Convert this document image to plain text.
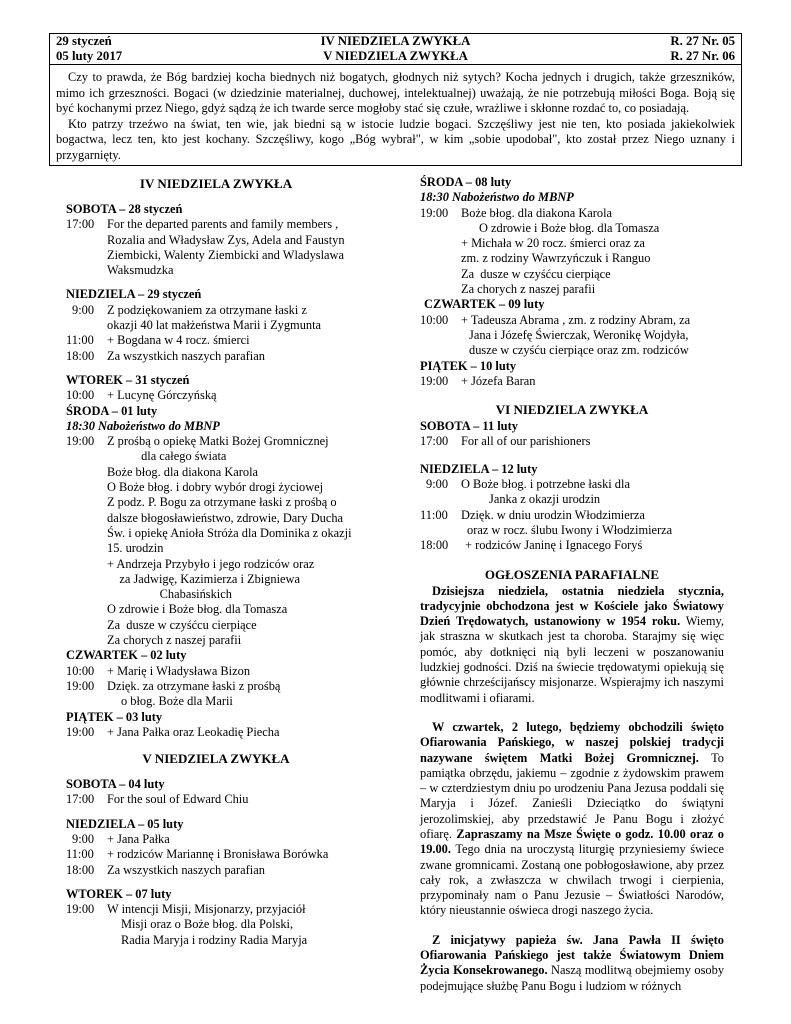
29 styczeń	IV NIEDZIELA ZWYKŁA	R. 27 Nr. 05
05 luty 2017	V NIEDZIELA ZWYKŁA	R. 27 Nr. 06

Czy to prawda, że Bóg bardziej kocha biednych niż bogatych, głodnych niż sytych? Kocha jednych i drugich, także grzeszników, mimo ich grzeszności. Bogaci (w dziedzinie materialnej, duchowej, intelektualnej) uważają, że nie potrzebują miłości Boga. Boją się być kochanymi przez Niego, gdyż sądzą że ich twarde serce mogłoby stać się czułe, wrażliwe i skłonne rozdać to, co posiadają.

Kto patrzy trzeźwo na świat, ten wie, jak biedni są w istocie ludzie bogaci. Szczęśliwy jest nie ten, kto posiada jakiekolwiek bogactwa, lecz ten, kto jest kochany. Szczęśliwy, kogo „Bóg wybrał", w kim „sobie upodobał", kto został przez Niego uznany i przygarnięty.

IV NIEDZIELA ZWYKŁA

SOBOTA – 28 styczeń

17:00	For the departed parents and family members ,
Rozalia and Władysław Zys, Adela and Faustyn
Ziembicki, Walenty Ziembicki and Wladyslawa
Waksmudzka

NIEDZIELA – 29 styczeń

9:00	Z podziękowaniem za otrzymane łaski z
okazji 40 lat małżeństwa Marii i Zygmunta
11:00	+ Bogdana w 4 rocz. śmierci
18:00	Za wszystkich naszych parafian

WTOREK – 31 styczeń

10:00	+ Lucynę Górczyńską

ŚRODA – 01 luty

18:30 Nabożeństwo do MBNP

19:00	Z prośbą o opiekę Matki Bożej Gromnicznej
dla całego świata
Boże błog. dla diakona Karola
O Boże błog. i dobry wybór drogi życiowej
Z podz. P. Bogu za otrzymane łaski z prośbą o
dalsze błogosławieństwo, zdrowie, Dary Ducha
Św. i opiekę Anioła Stróża dla Dominika z okazji
15. urodzin
+ Andrzeja Przybyło i jego rodziców oraz
za Jadwigę, Kazimierza i Zbigniewa
Chabasińskich
O zdrowie i Boże błog. dla Tomasza
Za  dusze w czyśćcu cierpiące
Za chorych z naszej parafii

CZWARTEK – 02 luty

10:00	+ Marię i Władysława Bizon
19:00	Dzięk. za otrzymane łaski z prośbą
o błog. Boże dla Marii

PIĄTEK – 03 luty

19:00	+ Jana Pałka oraz Leokadię Piecha

V NIEDZIELA ZWYKŁA

SOBOTA – 04 luty

17:00	For the soul of Edward Chiu

NIEDZIELA – 05 luty

9:00	+ Jana Pałka
11:00	+ rodziców Mariannę i Bronisława Borówka
18:00	Za wszystkich naszych parafian

WTOREK – 07 luty

19:00	W intencji Misji, Misjonarzy, przyjaciół
Misji oraz o Boże błog. dla Polski,
Radia Maryja i rodziny Radia Maryja

ŚRODA – 08 luty

18:30 Nabożeństwo do MBNP

19:00	Boże błog. dla diakona Karola
O zdrowie i Boże błog. dla Tomasza
+ Michała w 20 rocz. śmierci oraz za
zm. z rodziny Wawrzyńczuk i Ranguo
Za  dusze w czyśćcu cierpiące
Za chorych z naszej parafii

CZWARTEK – 09 luty

10:00	+ Tadeusza Abrama , zm. z rodziny Abram, za
Jana i Józefę Świerczak, Weronikę Wojdyła,
dusze w czyśću cierpiące oraz zm. rodziców

PIĄTEK – 10 luty

19:00	+ Józefa Baran

VI NIEDZIELA ZWYKŁA

SOBOTA – 11 luty

17:00	For all of our parishioners

NIEDZIELA – 12 luty

9:00	O Boże błog. i potrzebne łaski dla
Janka z okazji urodzin
11:00	Dzięk. w dniu urodzin Włodzimierza
oraz w rocz. ślubu Iwony i Włodzimierza
18:00	+ rodziców Janinę i Ignacego Foryś

OGŁOSZENIA PARAFIALNE

Dzisiejsza niedziela, ostatnia niedziela stycznia, tradycyjnie obchodzona jest w Kościele jako Światowy Dzień Trędowatych, ustanowiony w 1954 roku. Wiemy, jak straszna w skutkach jest ta choroba. Starajmy się więc pomóc, aby dotknięci nią byli leczeni w poszanowaniu ludzkiej godności. Dziś na świecie trędowatymi opiekują się głównie chrześcijańscy misjonarze. Wspierajmy ich naszymi modlitwami i ofiarami.

W czwartek, 2 lutego, będziemy obchodzili święto Ofiarowania Pańskiego, w naszej polskiej tradycji nazywane świętem Matki Bożej Gromnicznej. To pamiątka obrzędu, jakiemu – zgodnie z żydowskim prawem – w czterdziestym dniu po urodzeniu Pana Jezusa poddali się Maryja i Józef. Zanieśli Dzieciątko do świątyni jerozolimskiej, aby przedstawić Je Panu Bogu i złożyć ofiarę. Zapraszamy na Msze Święte o godz. 10.00 oraz o 19.00. Tego dnia na uroczystą liturgię przyniesiemy świece zwane gromnicami. Zostaną one pobłogosławione, aby przez cały rok, a zwłaszcza w chwilach trwogi i cierpienia, przypominały nam o Panu Jezusie – Światłości Narodów, który nieustannie oświeca drogi naszego życia.

Z inicjatywy papieża św. Jana Pawła II święto Ofiarowania Pańskiego jest także Światowym Dniem Życia Konsekrowanego. Naszą modlitwą obejmiemy osoby podejmujące służbę Panu Bogu i ludziom w różnych
